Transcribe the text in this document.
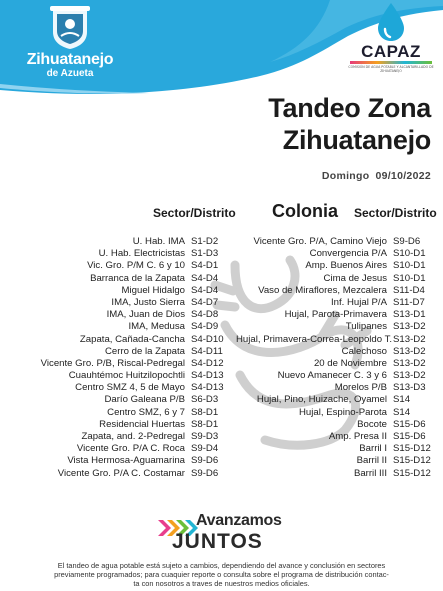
Zihuatanejo
de Azueta
CAPAZ
COMISIÓN DE AGUA POTABLE Y ALCANTARILLADO DE ZIHUATANEJO
Tandeo Zona
Zihuatanejo
Domingo 09/10/2022
Sector/Distrito Colonia Sector/Distrito
U. Hab. IMA S1-D2
U. Hab. Electricistas S1-D3
Vic. Gro. P/M C. 6 y 10 S4-D1
Barranca de la Zapata S4-D4
Miguel Hidalgo S4-D4
IMA, Justo Sierra S4-D7
IMA, Juan de Dios S4-D8
IMA, Medusa S4-D9
Zapata, Cañada-Cancha S4-D10
Cerro de la Zapata S4-D11
Vicente Gro. P/B, Riscal-Pedregal S4-D12
Cuauhtémoc Huitzilopochtli S4-D13
Centro SMZ 4, 5 de Mayo S4-D13
Darío Galeana P/B S6-D3
Centro SMZ, 6 y 7 S8-D1
Residencial Huertas S8-D1
Zapata, and. 2-Pedregal S9-D3
Vicente Gro. P/A C. Roca S9-D4
Vista Hermosa-Aguamarina S9-D6
Vicente Gro. P/A C. Costamar S9-D6
Vicente Gro. P/A, Camino Viejo S9-D6
Convergencia P/A S10-D1
Amp. Buenos Aires S10-D1
Cima de Jesus S10-D1
Vaso de Miraflores, Mezcalera S11-D4
Inf. Hujal P/A S11-D7
Hujal, Parota-Primavera S13-D1
Tulipanes S13-D2
Hujal, Primavera-Correa-Leopoldo T. S13-D2
Calechoso S13-D2
20 de Noviembre S13-D2
Nuevo Amanecer C. 3 y 6 S13-D2
Morelos P/B S13-D3
Hujal, Pino, Huizache, Oyamel S14
Hujal, Espino-Parota S14
Bocote S15-D6
Amp. Presa II S15-D6
Barril I S15-D12
Barril II S15-D12
Barril III S15-D12
Avanzamos
JUNTOS
El tandeo de agua potable está sujeto a cambios, dependiendo del avance y conclusión en sectores
previamente programados; para cuaquier reporte o consulta sobre el programa de distribución contac-
ta con nosotros a traves de nuestros medios oficiales.
